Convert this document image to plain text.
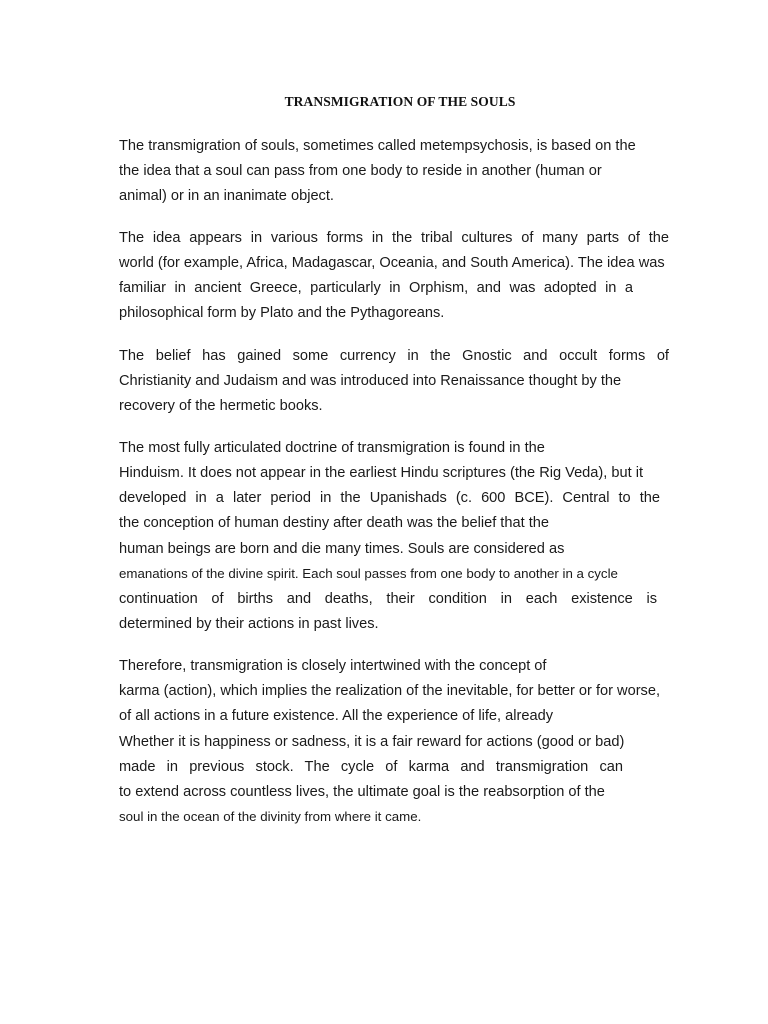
TRANSMIGRATION OF THE SOULS
The transmigration of souls, sometimes called metempsychosis, is based on the
the idea that a soul can pass from one body to reside in another (human or
animal) or in an inanimate object.
The idea appears in various forms in the tribal cultures of many parts of the
world (for example, Africa, Madagascar, Oceania, and South America). The idea was
familiar in ancient Greece, particularly in Orphism, and was adopted in a
philosophical form by Plato and the Pythagoreans.
The belief has gained some currency in the Gnostic and occult forms of
Christianity and Judaism and was introduced into Renaissance thought by the
recovery of the hermetic books.
The most fully articulated doctrine of transmigration is found in the
Hinduism. It does not appear in the earliest Hindu scriptures (the Rig Veda), but it
developed in a later period in the Upanishads (c. 600 BCE). Central to the
the conception of human destiny after death was the belief that the
human beings are born and die many times. Souls are considered as
emanations of the divine spirit. Each soul passes from one body to another in a cycle
continuation of births and deaths, their condition in each existence is
determined by their actions in past lives.
Therefore, transmigration is closely intertwined with the concept of
karma (action), which implies the realization of the inevitable, for better or for worse,
of all actions in a future existence. All the experience of life, already
Whether it is happiness or sadness, it is a fair reward for actions (good or bad)
made in previous stock. The cycle of karma and transmigration can
to extend across countless lives, the ultimate goal is the reabsorption of the
soul in the ocean of the divinity from where it came.
